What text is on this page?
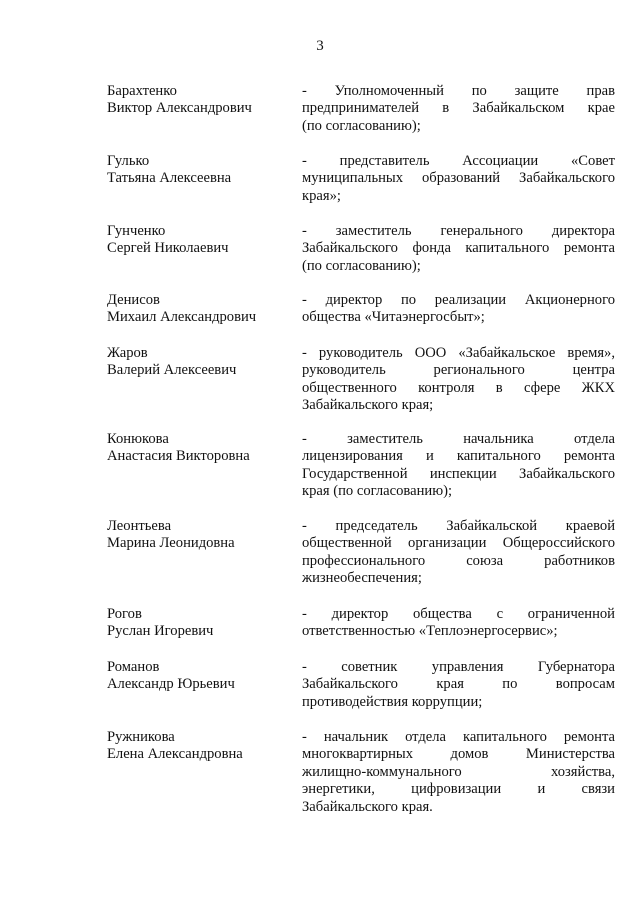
3
Барахтенко
Виктор Александрович
- Уполномоченный по защите прав
предпринимателей в Забайкальском крае
(по согласованию);
Гулько
Татьяна Алексеевна
- представитель Ассоциации «Совет
муниципальных образований Забайкальского
края»;
Гунченко
Сергей Николаевич
- заместитель генерального директора
Забайкальского фонда капитального ремонта
(по согласованию);
Денисов
Михаил Александрович
- директор по реализации Акционерного
общества «Читаэнергосбыт»;
Жаров
Валерий Алексеевич
- руководитель ООО «Забайкальское время»,
руководитель регионального центра
общественного контроля в сфере ЖКХ
Забайкальского края;
Конюкова
Анастасия Викторовна
- заместитель начальника отдела
лицензирования и капитального ремонта
Государственной инспекции Забайкальского
края (по согласованию);
Леонтьева
Марина Леонидовна
- председатель Забайкальской краевой
общественной организации Общероссийского
профессионального союза работников
жизнеобеспечения;
Рогов
Руслан Игоревич
- директор общества с ограниченной
ответственностью «Теплоэнергосервис»;
Романов
Александр Юрьевич
- советник управления Губернатора
Забайкальского края по вопросам
противодействия коррупции;
Ружникова
Елена Александровна
- начальник отдела капитального ремонта
многоквартирных домов Министерства
жилищно-коммунального хозяйства,
энергетики, цифровизации и связи
Забайкальского края.
